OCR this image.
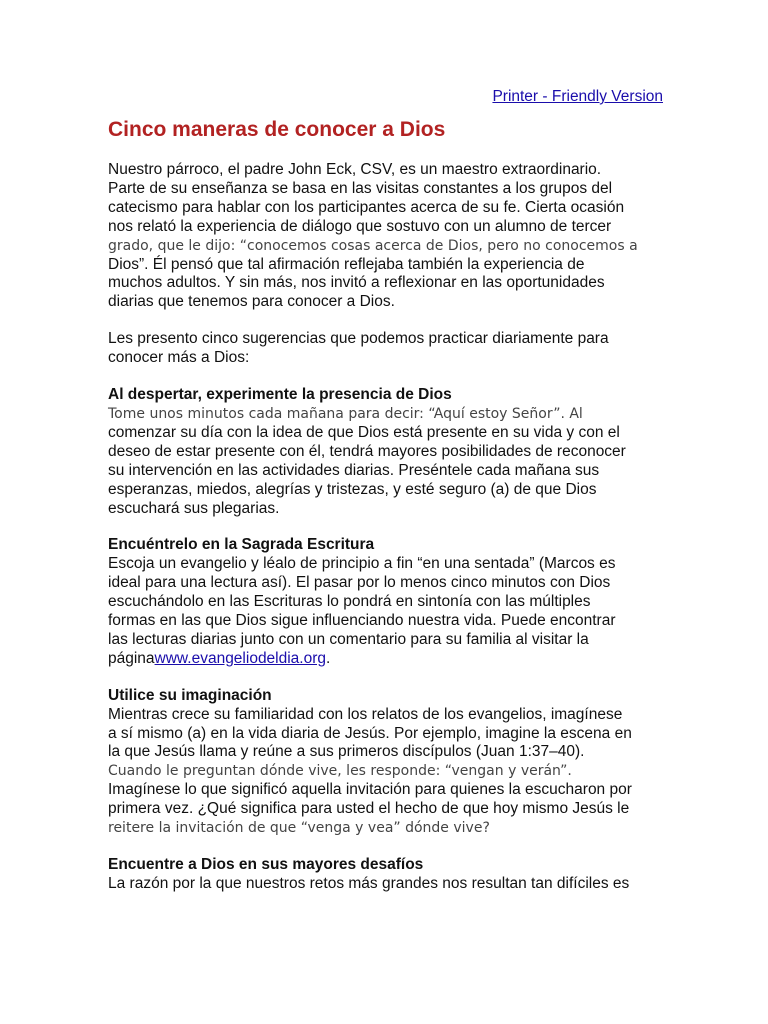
Printer - Friendly Version
Cinco maneras de conocer a Dios

Nuestro párroco, el padre John Eck, CSV, es un maestro extraordinario.

Parte de su enseñanza se basa en las visitas constantes a los grupos del

catecismo para hablar con los participantes acerca de su fe. Cierta ocasión

nos relató la experiencia de diálogo que sostuvo con un alumno de tercer

grado, que le dijo: “conocemos cosas acerca de Dios, pero no conocemos a

Dios”. Él pensó que tal afirmación reflejaba también la experiencia de

muchos adultos. Y sin más, nos invitó a reflexionar en las oportunidades

diarias que tenemos para conocer a Dios.

Les presento cinco sugerencias que podemos practicar diariamente para

conocer más a Dios:

Al despertar, experimente la presencia de Dios

Tome unos minutos cada mañana para decir: “Aquí estoy Señor”. Al

comenzar su día con la idea de que Dios está presente en su vida y con el

deseo de estar presente con él, tendrá mayores posibilidades de reconocer

su intervención en las actividades diarias. Preséntele cada mañana sus

esperanzas, miedos, alegrías y tristezas, y esté seguro (a) de que Dios

escuchará sus plegarias.

Encuéntrelo en la Sagrada Escritura

Escoja un evangelio y léalo de principio a fin “en una sentada” (Marcos es

ideal para una lectura así). El pasar por lo menos cinco minutos con Dios

escuchándolo en las Escrituras lo pondrá en sintonía con las múltiples

formas en las que Dios sigue influenciando nuestra vida. Puede encontrar

las lecturas diarias junto con un comentario para su familia al visitar la

páginawww.evangeliodeldia.org.

Utilice su imaginación

Mientras crece su familiaridad con los relatos de los evangelios, imagínese

a sí mismo (a) en la vida diaria de Jesús. Por ejemplo, imagine la escena en

la que Jesús llama y reúne a sus primeros discípulos (Juan 1:37–40).

Cuando le preguntan dónde vive, les responde: “vengan y verán”.

Imagínese lo que significó aquella invitación para quienes la escucharon por

primera vez. ¿Qué significa para usted el hecho de que hoy mismo Jesús le

reitere la invitación de que “venga y vea” dónde vive?

Encuentre a Dios en sus mayores desafíos

La razón por la que nuestros retos más grandes nos resultan tan difíciles es
